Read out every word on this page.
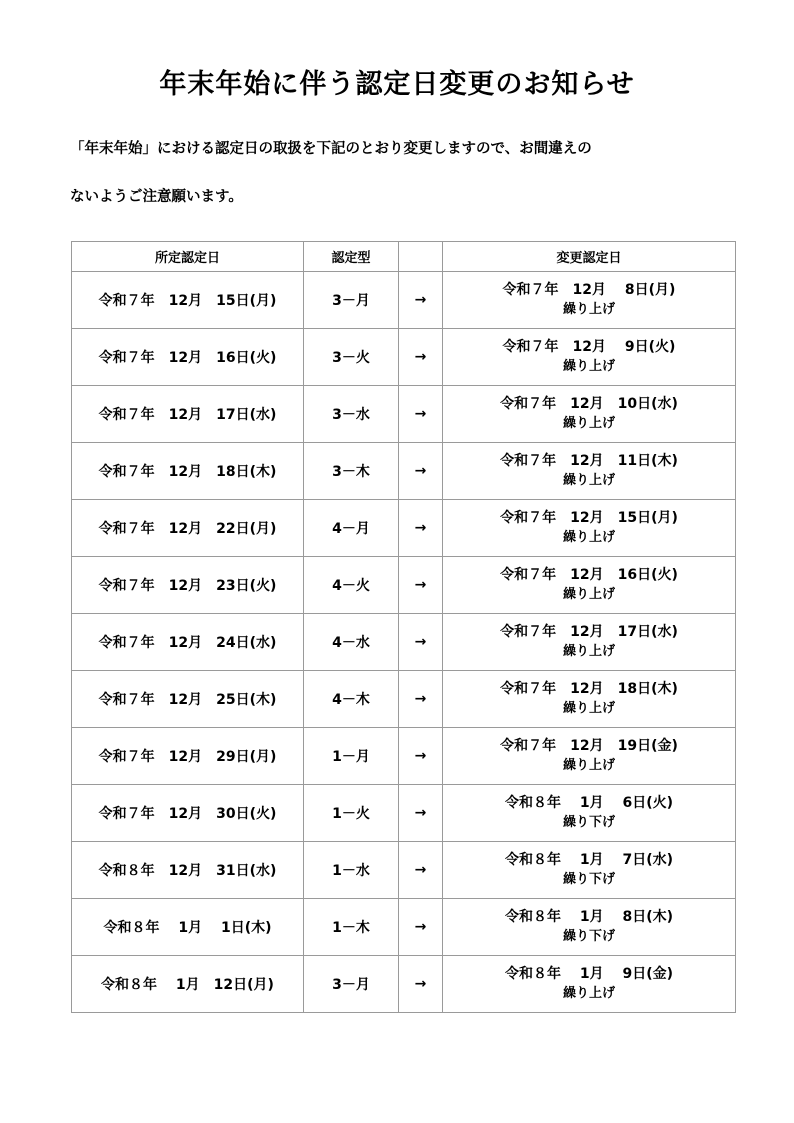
年末年始に伴う認定日変更のお知らせ
「年末年始」における認定日の取扱を下記のとおり変更しますので、お間違えの
ないようご注意願います。
所定認定日	認定型		変更認定日
令和７年　12月　15日(月)	3－月	→	令和７年　12月　 8日(月)
繰り上げ

令和７年　12月　16日(火)	3－火	→	令和７年　12月　 9日(火)
繰り上げ

令和７年　12月　17日(水)	3－水	→	令和７年　12月　10日(水)
繰り上げ

令和７年　12月　18日(木)	3－木	→	令和７年　12月　11日(木)
繰り上げ

令和７年　12月　22日(月)	4－月	→	令和７年　12月　15日(月)
繰り上げ

令和７年　12月　23日(火)	4－火	→	令和７年　12月　16日(火)
繰り上げ

令和７年　12月　24日(水)	4－水	→	令和７年　12月　17日(水)
繰り上げ

令和７年　12月　25日(木)	4－木	→	令和７年　12月　18日(木)
繰り上げ

令和７年　12月　29日(月)	1－月	→	令和７年　12月　19日(金)
繰り上げ

令和７年　12月　30日(火)	1－火	→	令和８年　 1月　 6日(火)
繰り下げ

令和８年　12月　31日(水)	1－水	→	令和８年　 1月　 7日(水)
繰り下げ

令和８年　 1月　 1日(木)	1－木	→	令和８年　 1月　 8日(木)
繰り下げ

令和８年　 1月　12日(月)	3－月	→	令和８年　 1月　 9日(金)
繰り上げ
